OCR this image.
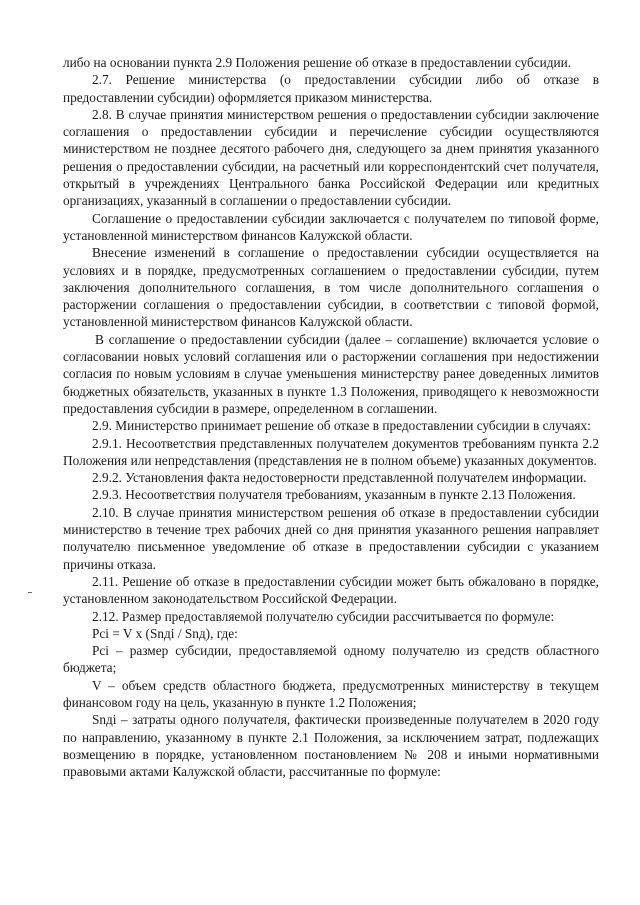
либо на основании пункта 2.9 Положения решение об отказе в предоставлении субсидии.

2.7. Решение министерства (о предоставлении субсидии либо об отказе в предоставлении субсидии) оформляется приказом министерства.

2.8. В случае принятия министерством решения о предоставлении субсидии заключение соглашения о предоставлении субсидии и перечисление субсидии осуществляются министерством не позднее десятого рабочего дня, следующего за днем принятия указанного решения о предоставлении субсидии, на расчетный или корреспондентский счет получателя, открытый в учреждениях Центрального банка Российской Федерации или кредитных организациях, указанный в соглашении о предоставлении субсидии.

Соглашение о предоставлении субсидии заключается с получателем по типовой форме, установленной министерством финансов Калужской области.

Внесение изменений в соглашение о предоставлении субсидии осуществляется на условиях и в порядке, предусмотренных соглашением о предоставлении субсидии, путем заключения дополнительного соглашения, в том числе дополнительного соглашения о расторжении соглашения о предоставлении субсидии, в соответствии с типовой формой, установленной министерством финансов Калужской области.

В соглашение о предоставлении субсидии (далее – соглашение) включается условие о согласовании новых условий соглашения или о расторжении соглашения при недостижении согласия по новым условиям в случае уменьшения министерству ранее доведенных лимитов бюджетных обязательств, указанных в пункте 1.3 Положения, приводящего к невозможности предоставления субсидии в размере, определенном в соглашении.

2.9. Министерство принимает решение об отказе в предоставлении субсидии в случаях:

2.9.1. Несоответствия представленных получателем документов требованиям пункта 2.2 Положения или непредставления (представления не в полном объеме) указанных документов.

2.9.2. Установления факта недостоверности представленной получателем информации.

2.9.3. Несоответствия получателя требованиям, указанным в пункте 2.13 Положения.

2.10. В случае принятия министерством решения об отказе в предоставлении субсидии министерство в течение трех рабочих дней со дня принятия указанного решения направляет получателю письменное уведомление об отказе в предоставлении субсидии с указанием причины отказа.

2.11. Решение об отказе в предоставлении субсидии может быть обжаловано в порядке, установленном законодательством Российской Федерации.

2.12. Размер предоставляемой получателю субсидии рассчитывается по формуле:

Pci = V x (Snдi / Snд), где:

Pci – размер субсидии, предоставляемой одному получателю из средств областного бюджета;

V – объем средств областного бюджета, предусмотренных министерству в текущем финансовом году на цель, указанную в пункте 1.2 Положения;

Snдi – затраты одного получателя, фактически произведенные получателем в 2020 году по направлению, указанному в пункте 2.1 Положения, за исключением затрат, подлежащих возмещению в порядке, установленном постановлением № 208 и иными нормативными правовыми актами Калужской области, рассчитанные по формуле:
